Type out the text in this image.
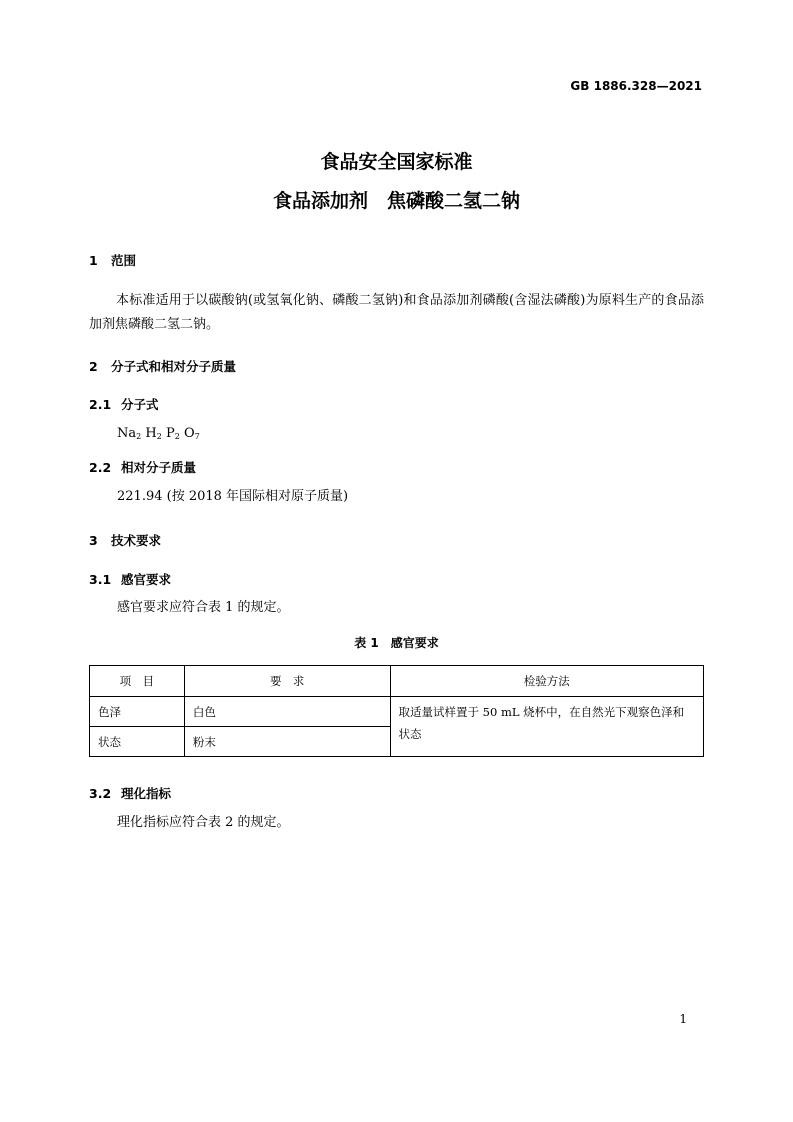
GB 1886.328—2021
食品安全国家标准
食品添加剂　焦磷酸二氢二钠
1 范围
本标准适用于以碳酸钠(或氢氧化钠、磷酸二氢钠)和食品添加剂磷酸(含湿法磷酸)为原料生产的食品添加剂焦磷酸二氢二钠。
2 分子式和相对分子质量
2.1 分子式
$Na_2$ $H_2$ $P_2$ $O_7$
2.2 相对分子质量
221.94 (按 2018 年国际相对原子质量)
3 技术要求
3.1 感官要求
感官要求应符合表 1 的规定。
表 1　感官要求
项　目	要　求	检验方法
色泽	白色	取适量试样置于 50 mL 烧杯中，在自然光下观察色泽和状态
状态	粉末	
3.2 理化指标
理化指标应符合表 2 的规定。
1
